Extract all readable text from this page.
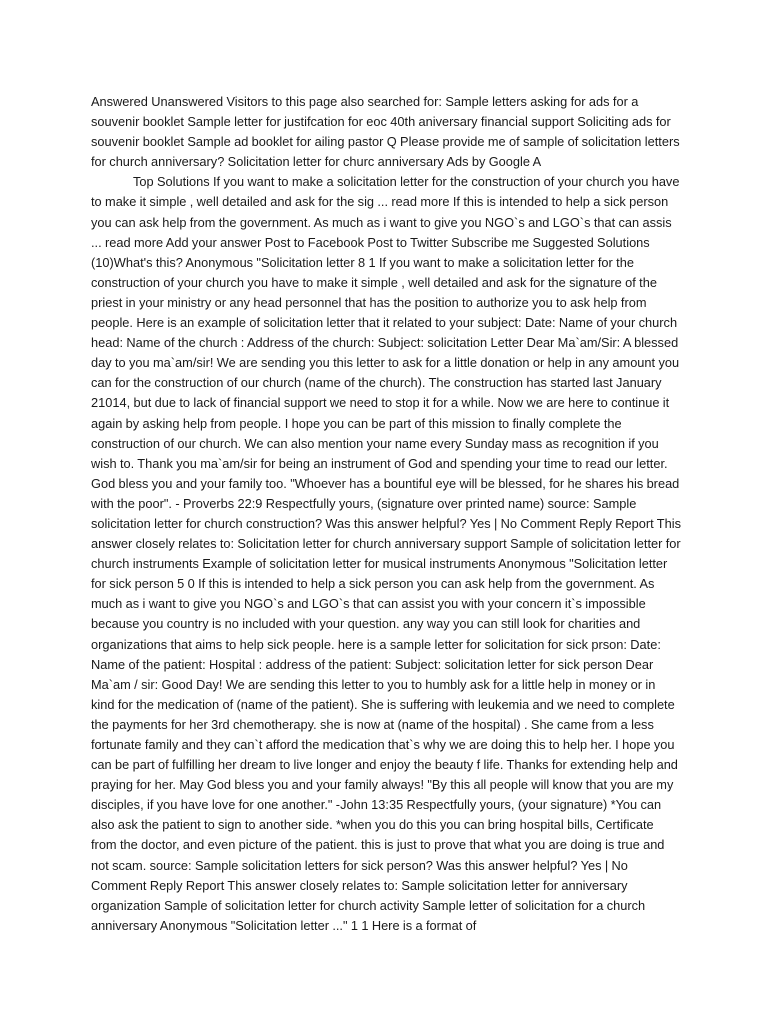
Answered Unanswered Visitors to this page also searched for: Sample letters asking for ads for a souvenir booklet Sample letter for justifcation for eoc 40th aniversary financial support Soliciting ads for souvenir booklet Sample ad booklet for ailing pastor Q Please provide me of sample of solicitation letters for church anniversary? Solicitation letter for churc anniversary Ads by Google A

Top Solutions If you want to make a solicitation letter for the construction of your church you have to make it simple , well detailed and ask for the sig ... read more If this is intended to help a sick person you can ask help from the government. As much as i want to give you NGO`s and LGO`s that can assis ... read more Add your answer Post to Facebook Post to Twitter Subscribe me Suggested Solutions (10)What's this? Anonymous "Solicitation letter 8 1 If you want to make a solicitation letter for the construction of your church you have to make it simple , well detailed and ask for the signature of the priest in your ministry or any head personnel that has the position to authorize you to ask help from people. Here is an example of solicitation letter that it related to your subject: Date: Name of your church head: Name of the church : Address of the church: Subject: solicitation Letter Dear Ma`am/Sir: A blessed day to you ma`am/sir! We are sending you this letter to ask for a little donation or help in any amount you can for the construction of our church (name of the church). The construction has started last January 21014, but due to lack of financial support we need to stop it for a while. Now we are here to continue it again by asking help from people. I hope you can be part of this mission to finally complete the construction of our church. We can also mention your name every Sunday mass as recognition if you wish to. Thank you ma`am/sir for being an instrument of God and spending your time to read our letter. God bless you and your family too. "Whoever has a bountiful eye will be blessed, for he shares his bread with the poor". - Proverbs 22:9 Respectfully yours, (signature over printed name) source: Sample solicitation letter for church construction? Was this answer helpful? Yes | No Comment Reply Report This answer closely relates to: Solicitation letter for church anniversary support Sample of solicitation letter for church instruments Example of solicitation letter for musical instruments Anonymous "Solicitation letter for sick person 5 0 If this is intended to help a sick person you can ask help from the government. As much as i want to give you NGO`s and LGO`s that can assist you with your concern it`s impossible because you country is no included with your question. any way you can still look for charities and organizations that aims to help sick people. here is a sample letter for solicitation for sick prson: Date: Name of the patient: Hospital : address of the patient: Subject: solicitation letter for sick person Dear Ma`am / sir: Good Day! We are sending this letter to you to humbly ask for a little help in money or in kind for the medication of (name of the patient). She is suffering with leukemia and we need to complete the payments for her 3rd chemotherapy. she is now at (name of the hospital) . She came from a less fortunate family and they can`t afford the medication that`s why we are doing this to help her. I hope you can be part of fulfilling her dream to live longer and enjoy the beauty f life. Thanks for extending help and praying for her. May God bless you and your family always! "By this all people will know that you are my disciples, if you have love for one another." -John 13:35 Respectfully yours, (your signature) *You can also ask the patient to sign to another side. *when you do this you can bring hospital bills, Certificate from the doctor, and even picture of the patient. this is just to prove that what you are doing is true and not scam. source: Sample solicitation letters for sick person? Was this answer helpful? Yes | No Comment Reply Report This answer closely relates to: Sample solicitation letter for anniversary organization Sample of solicitation letter for church activity Sample letter of solicitation for a church anniversary Anonymous "Solicitation letter ..." 1 1 Here is a format of
